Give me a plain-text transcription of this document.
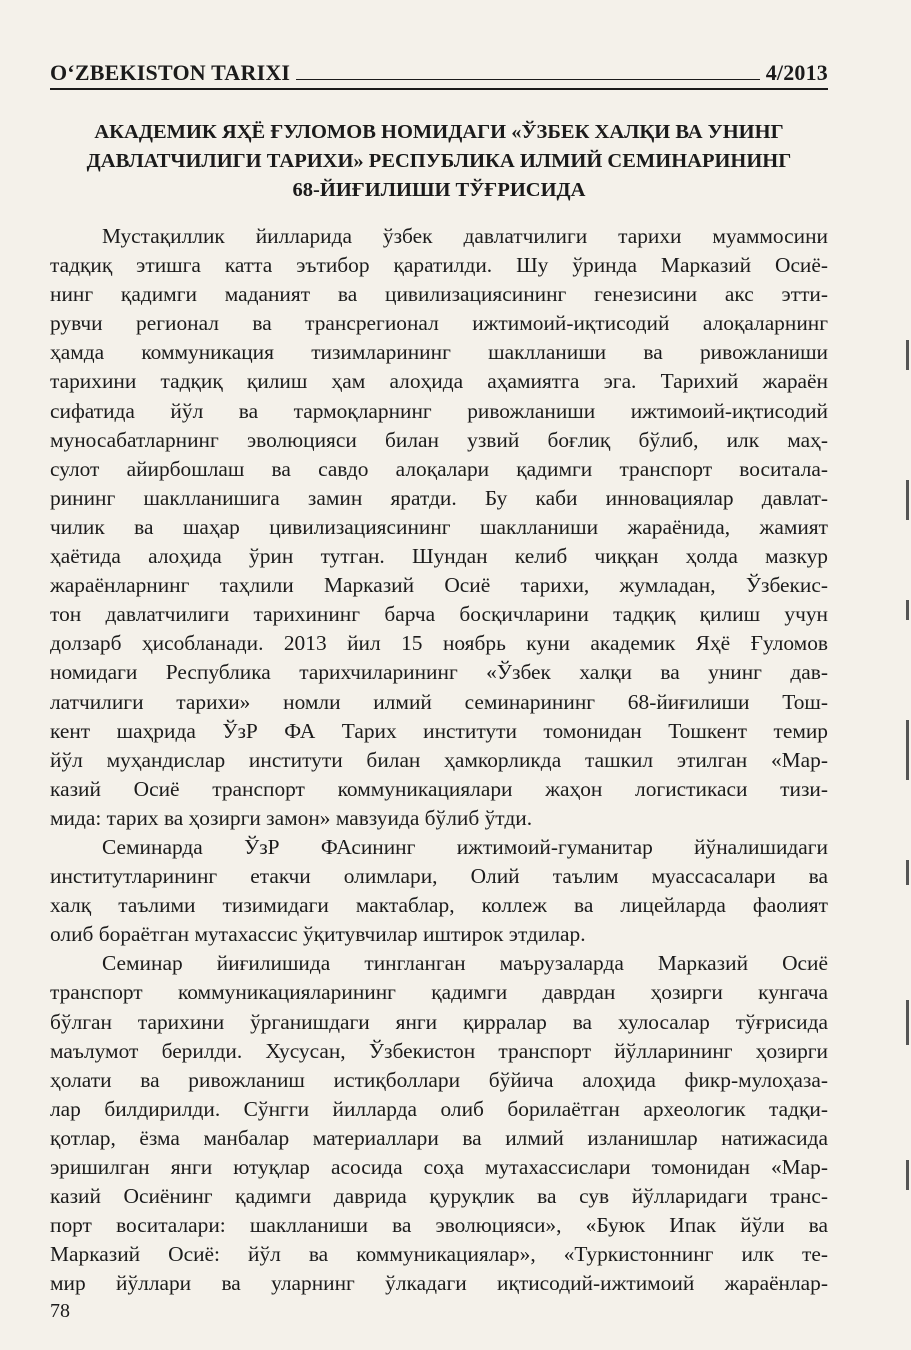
O‘ZBEKISTON TARIXI	4/2013
АКАДЕМИК ЯҲЁ ҒУЛОМОВ НОМИДАГИ «ЎЗБЕК ХАЛҚИ ВА УНИНГ
ДАВЛАТЧИЛИГИ ТАРИХИ» РЕСПУБЛИКА ИЛМИЙ СЕМИНАРИНИНГ
68-ЙИҒИЛИШИ ТЎҒРИСИДА
Мустақиллик йилларида ўзбек давлатчилиги тарихи муаммосини
тадқиқ этишга катта эътибор қаратилди. Шу ўринда Марказий Осиё-
нинг қадимги маданият ва цивилизациясининг генезисини акс этти-
рувчи регионал ва трансрегионал ижтимоий-иқтисодий алоқаларнинг
ҳамда коммуникация тизимларининг шаклланиши ва ривожланиши
тарихини тадқиқ қилиш ҳам алоҳида аҳамиятга эга. Тарихий жараён
сифатида йўл ва тармоқларнинг ривожланиши ижтимоий-иқтисодий
муносабатларнинг эволюцияси билан узвий боғлиқ бўлиб, илк маҳ-
сулот айирбошлаш ва савдо алоқалари қадимги транспорт воситала-
рининг шаклланишига замин яратди. Бу каби инновациялар давлат-
чилик ва шаҳар цивилизациясининг шаклланиши жараёнида, жамият
ҳаётида алоҳида ўрин тутган. Шундан келиб чиққан ҳолда мазкур
жараёнларнинг таҳлили Марказий Осиё тарихи, жумладан, Ўзбекис-
тон давлатчилиги тарихининг барча босқичларини тадқиқ қилиш учун
долзарб ҳисобланади. 2013 йил 15 ноябрь куни академик Яҳё Ғуломов
номидаги Республика тарихчиларининг «Ўзбек халқи ва унинг дав-
латчилиги тарихи» номли илмий семинарининг 68-йиғилиши Тош-
кент шаҳрида ЎзР ФА Тарих институти томонидан Тошкент темир
йўл муҳандислар институти билан ҳамкорликда ташкил этилган «Мар-
казий Осиё транспорт коммуникациялари жаҳон логистикаси тизи-
мида: тарих ва ҳозирги замон» мавзуида бўлиб ўтди.
Семинарда ЎзР ФАсининг ижтимоий-гуманитар йўналишидаги
институтларининг етакчи олимлари, Олий таълим муассасалари ва
халқ таълими тизимидаги мактаблар, коллеж ва лицейларда фаолият
олиб бораётган мутахассис ўқитувчилар иштирок этдилар.
Семинар йиғилишида тингланган маърузаларда Марказий Осиё
транспорт коммуникацияларининг қадимги даврдан ҳозирги кунгача
бўлган тарихини ўрганишдаги янги қирралар ва хулосалар тўғрисида
маълумот берилди. Хусусан, Ўзбекистон транспорт йўлларининг ҳозирги
ҳолати ва ривожланиш истиқболлари бўйича алоҳида фикр-мулоҳаза-
лар билдирилди. Сўнгги йилларда олиб борилаётган археологик тадқи-
қотлар, ёзма манбалар материаллари ва илмий изланишлар натижасида
эришилган янги ютуқлар асосида соҳа мутахассислари томонидан «Мар-
казий Осиёнинг қадимги даврида қуруқлик ва сув йўлларидаги транс-
порт воситалари: шаклланиши ва эволюцияси», «Буюк Ипак йўли ва
Марказий Осиё: йўл ва коммуникациялар», «Туркистоннинг илк те-
мир йўллари ва уларнинг ўлкадаги иқтисодий-ижтимоий жараёнлар-
78
